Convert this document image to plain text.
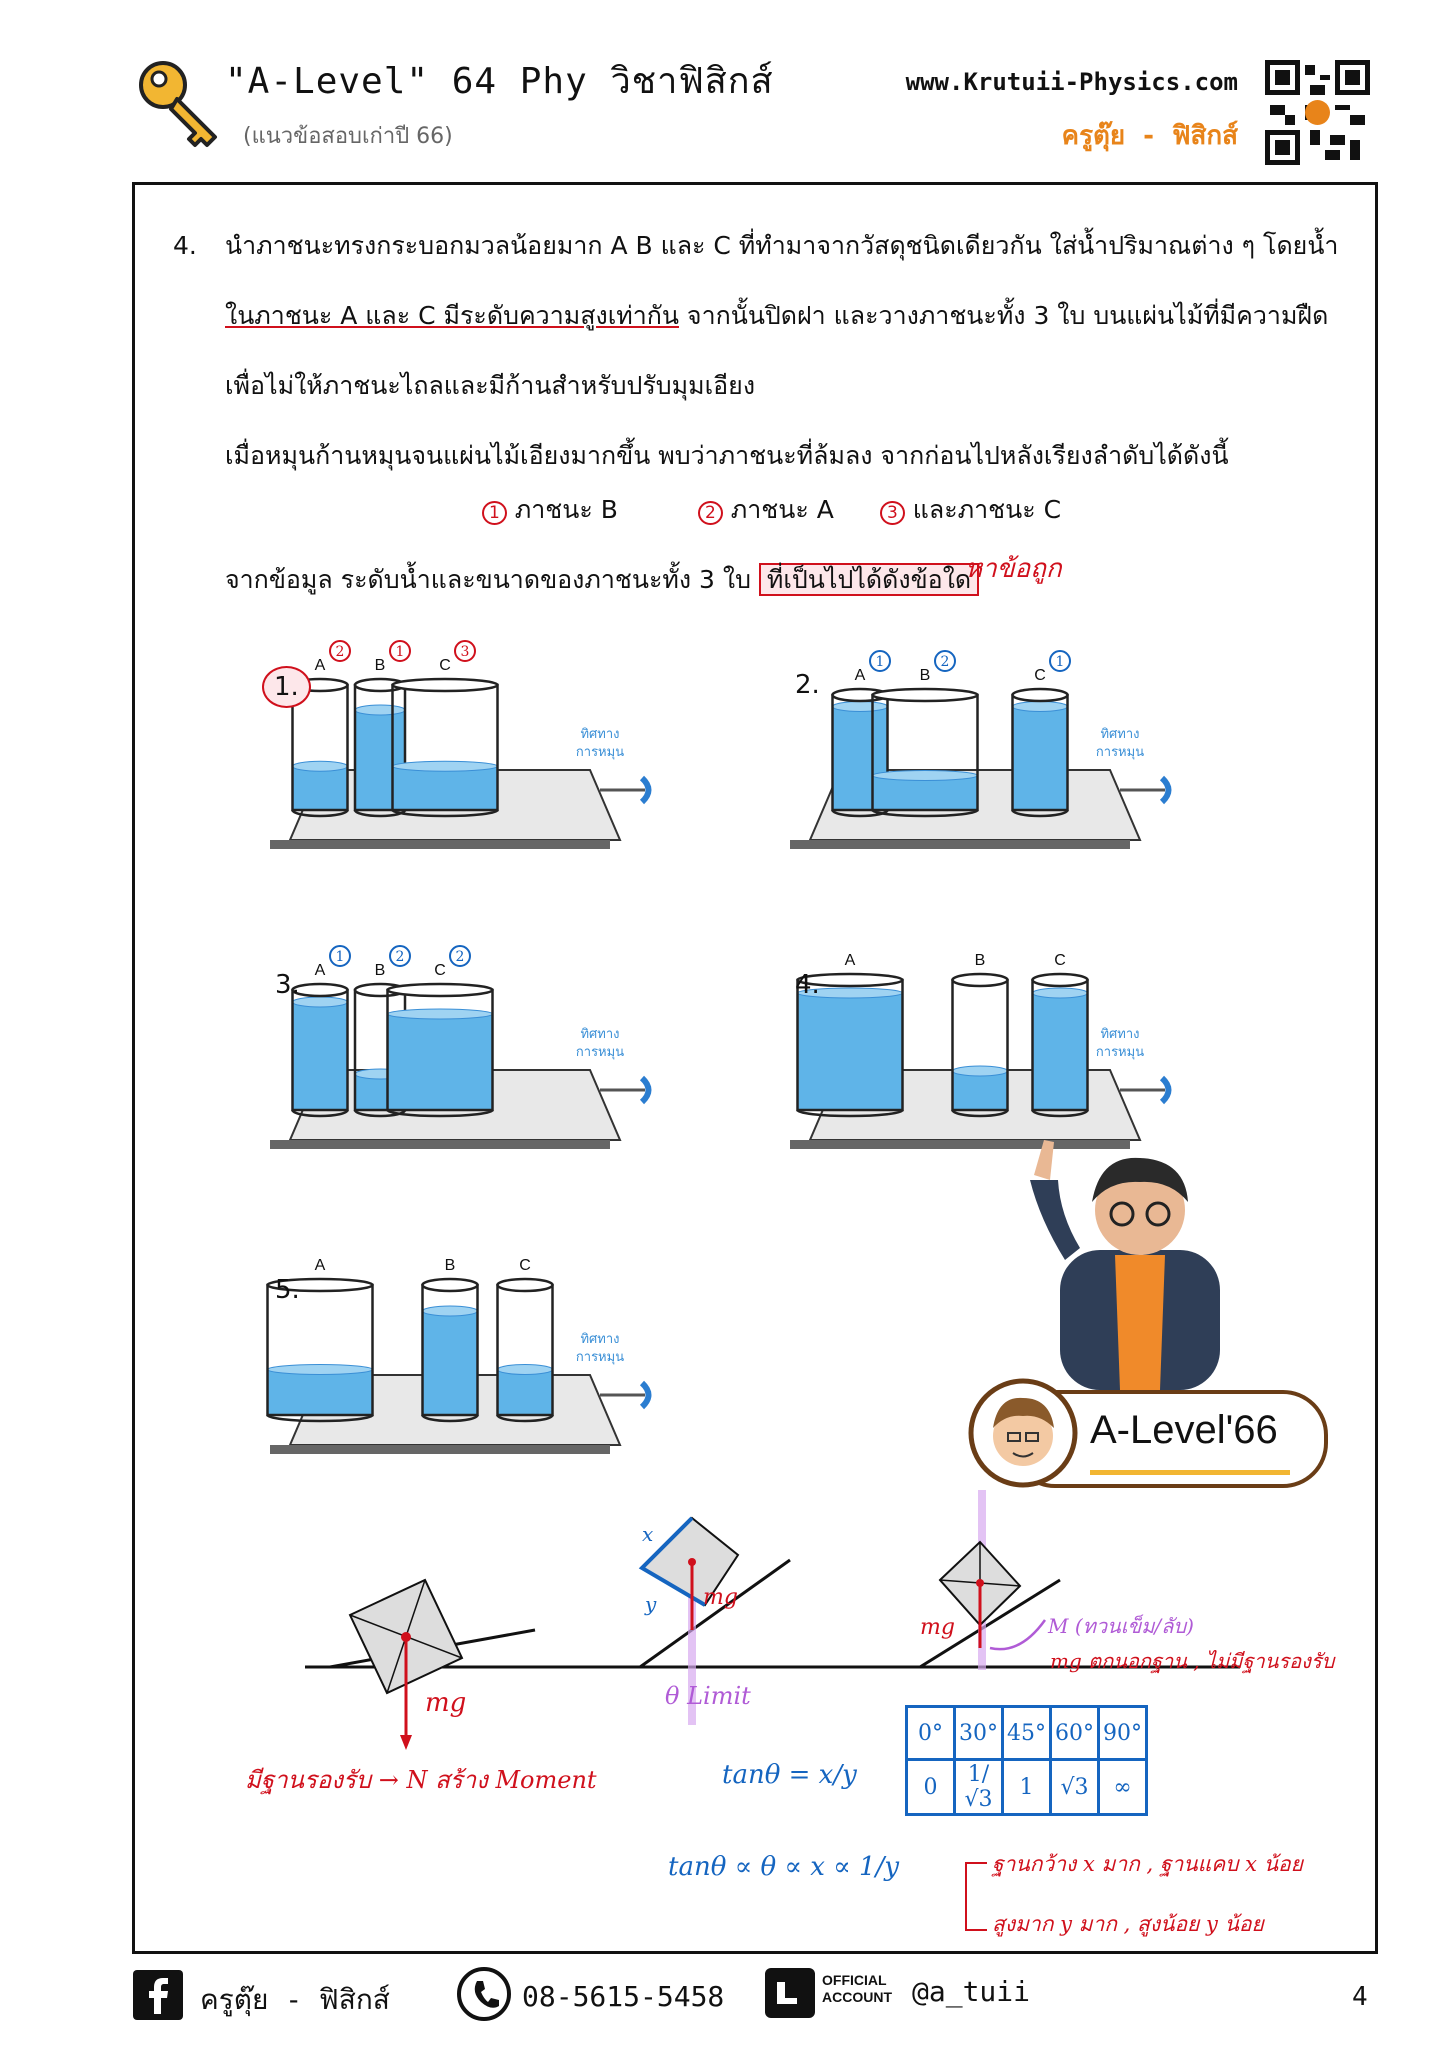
"A-Level" 64 Phy วิชาฟิสิกส์
(แนวข้อสอบเก่าปี 66)
www.Krutuii-Physics.com
ครูตุ๊ย - ฟิสิกส์
4. นำภาชนะทรงกระบอกมวลน้อยมาก A B และ C ที่ทำมาจากวัสดุชนิดเดียวกัน ใส่น้ำปริมาณต่าง ๆ โดยน้ำ
ในภาชนะ A และ C มีระดับความสูงเท่ากัน จากนั้นปิดฝา และวางภาชนะทั้ง 3 ใบ บนแผ่นไม้ที่มีความฝืด
เพื่อไม่ให้ภาชนะไถลและมีก้านสำหรับปรับมุมเอียง
เมื่อหมุนก้านหมุนจนแผ่นไม้เอียงมากขึ้น พบว่าภาชนะที่ล้มลง จากก่อนไปหลังเรียงลำดับได้ดังนี้
1 ภาชนะ B	2 ภาชนะ A	3 และภาชนะ C
จากข้อมูล ระดับน้ำและขนาดของภาชนะทั้ง 3 ใบ ที่เป็นไปได้ดังข้อใด
หาข้อถูก
A
2
B
1
C
3
ทิศทาง
การหมุน
1.	A
1
B
2
C
1
ทิศทาง
การหมุน
2.
A
1
B
2
C
2
ทิศทาง
การหมุน
3.
A	B	C
ทิศทาง
การหมุน
4.
A	B	C
ทิศทาง
การหมุน
5.
A-Level'66
mg
mg
mg
x
y
θ Limit
M (ทวนเข็ม/ลับ)
mg ตกนอกฐาน , ไม่มีฐานรองรับ
มีฐานรองรับ → N สร้าง Moment	tanθ = x/y
0°	30°	45°	60°	90°
0	1/√3	1	√3	∞
tanθ ∝ θ ∝ x ∝ 1/y	ฐานกว้าง x มาก , ฐานแคบ x น้อย
สูงมาก y มาก , สูงน้อย y น้อย
ครูตุ๊ย - ฟิสิกส์	08-5615-5458	OFFICIAL
ACCOUNT @a_tuii	4
